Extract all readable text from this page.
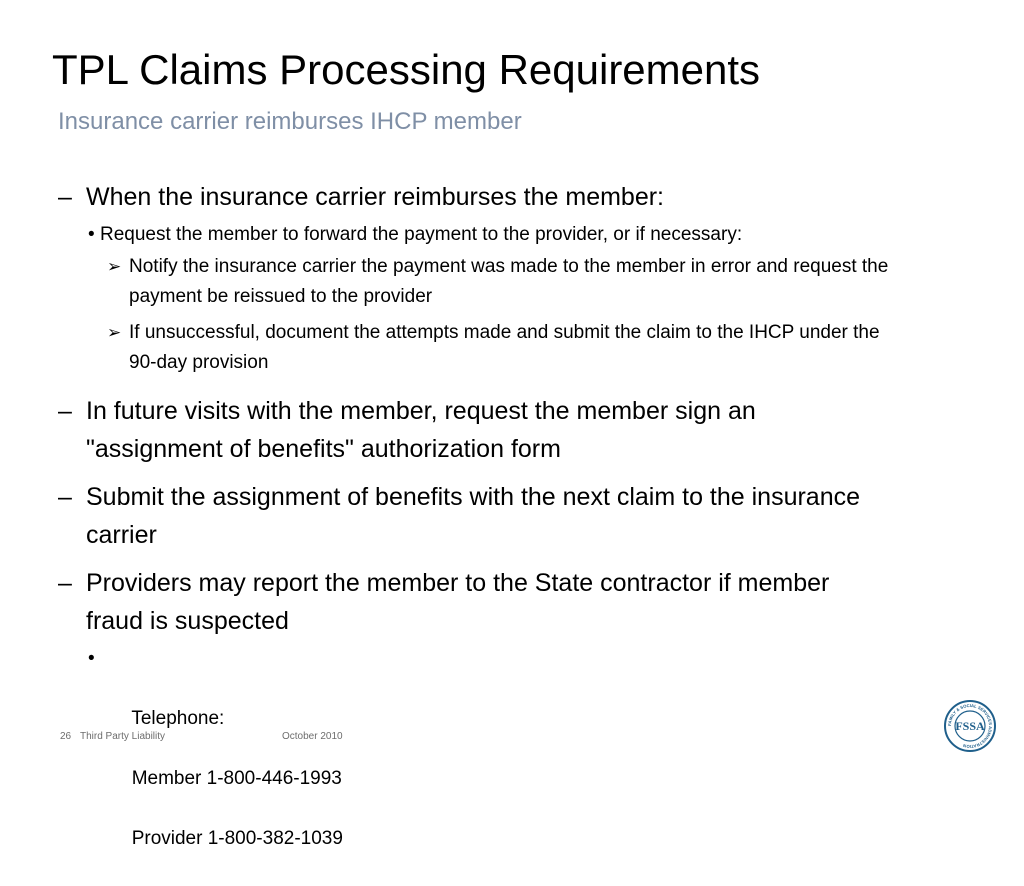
TPL Claims Processing Requirements
Insurance carrier reimburses IHCP member
– When the insurance carrier reimburses the member:
• Request the member to forward the payment to the provider, or if necessary:
➢ Notify the insurance carrier the payment was made to the member in error and request the payment be reissued to the provider
➢ If unsuccessful, document the attempts made and submit the claim to the IHCP under the 90-day provision
– In future visits with the member, request the member sign an "assignment of benefits" authorization form
– Submit the assignment of benefits with the next claim to the insurance carrier
– Providers may report the member to the State contractor if member fraud is suspected

•

Telephone:

Member 1-800-446-1993

Provider 1-800-382-1039

26 Third Party Liability	October 2010
FAMILY & SOCIAL SERVICES ADMINISTRATION
FSSA
